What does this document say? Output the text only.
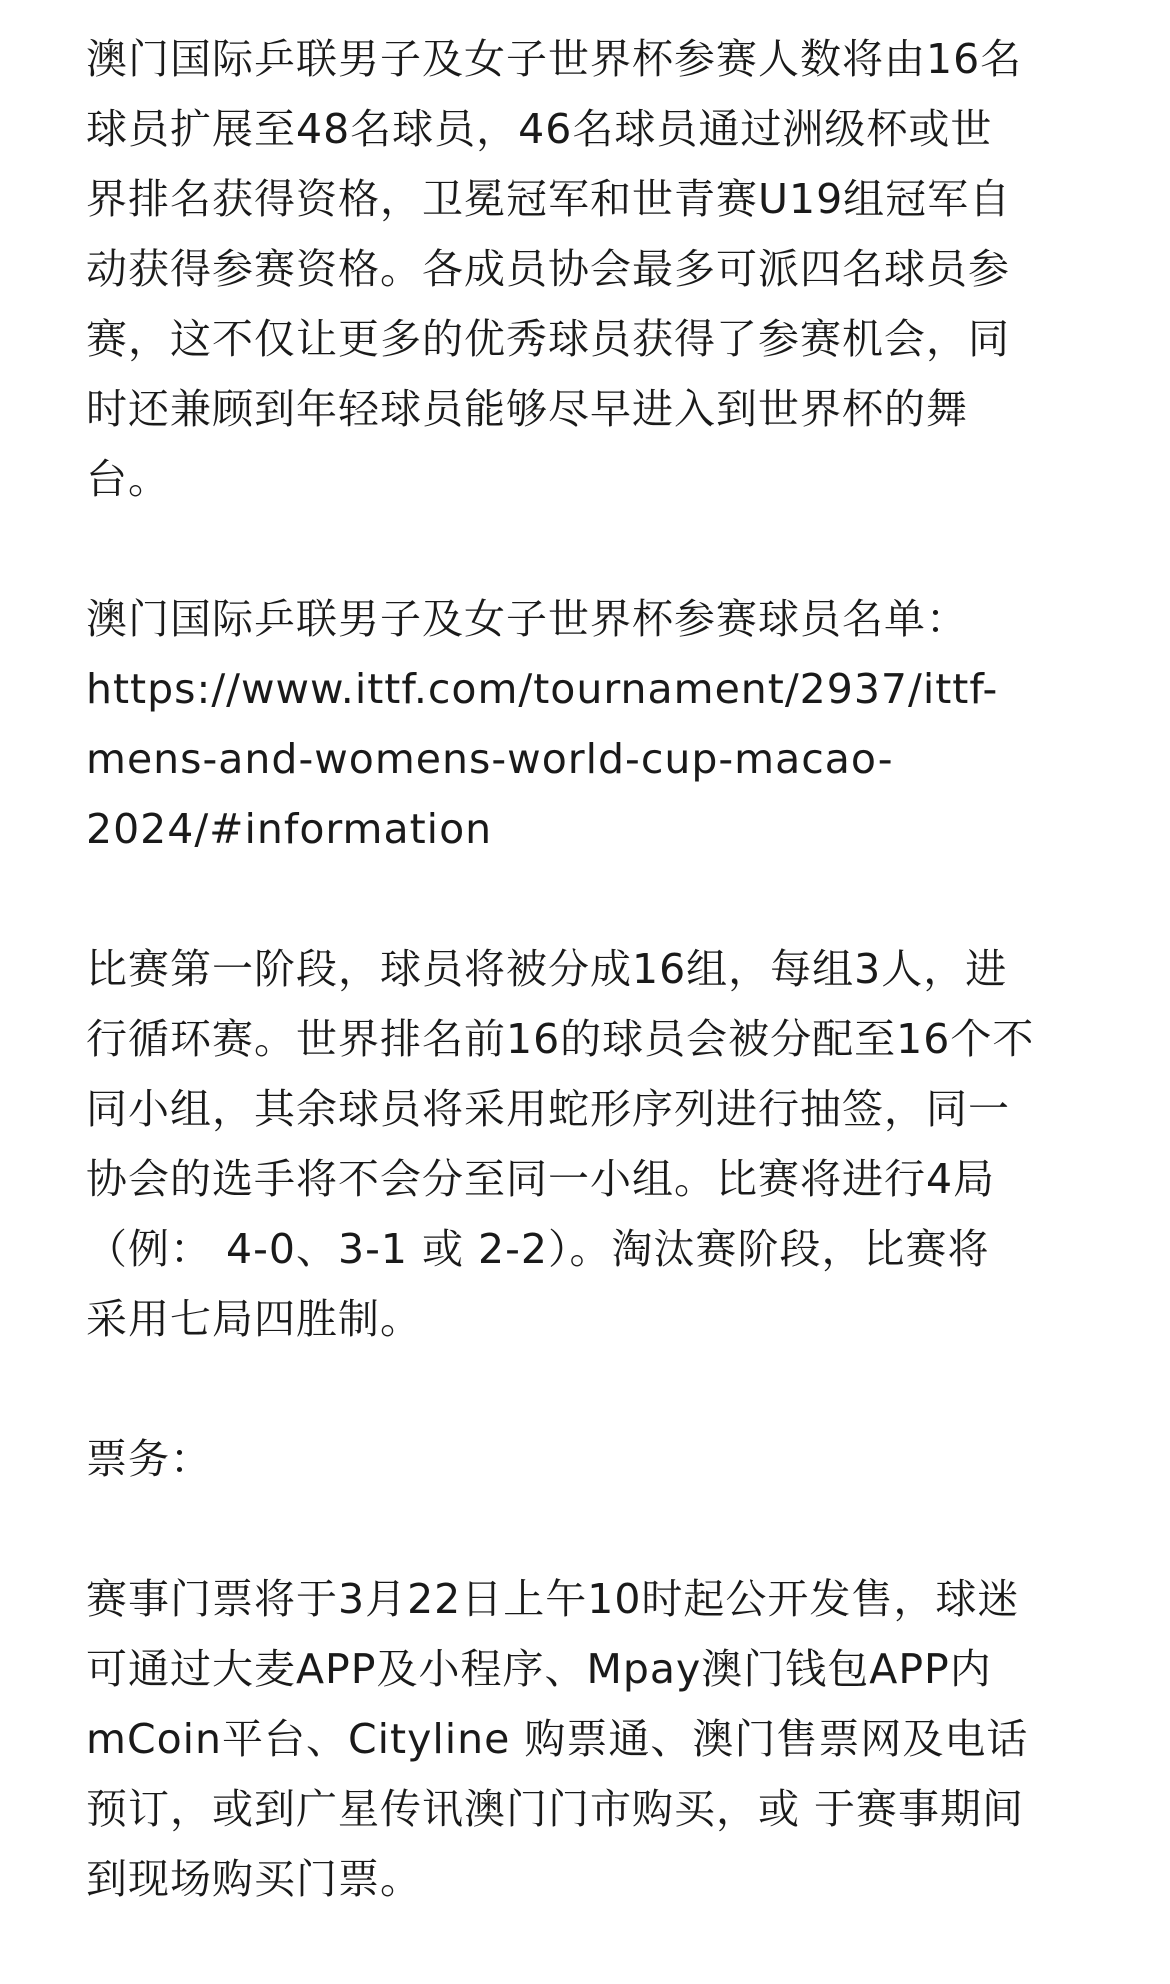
澳门国际乒联男子及女子世界杯参赛人数将由16名
球员扩展至48名球员，46名球员通过洲级杯或世
界排名获得资格，卫冕冠军和世青赛U19组冠军自
动获得参赛资格。各成员协会最多可派四名球员参
赛，这不仅让更多的优秀球员获得了参赛机会，同
时还兼顾到年轻球员能够尽早进入到世界杯的舞
台。

澳门国际乒联男子及女子世界杯参赛球员名单：
https://www.ittf.com/tournament/2937/ittf-
mens-and-womens-world-cup-macao-
2024/#information

比赛第一阶段，球员将被分成16组，每组3人，进
行循环赛。世界排名前16的球员会被分配至16个不
同小组，其余球员将采用蛇形序列进行抽签，同一
协会的选手将不会分至同一小组。比赛将进行4局
（例： 4-0、3-1 或 2-2）。淘汰赛阶段，比赛将
采用七局四胜制。

票务：

赛事门票将于3月22日上午10时起公开发售，球迷
可通过大麦APP及小程序、Mpay澳门钱包APP内
mCoin平台、Cityline 购票通、澳门售票网及电话
预订，或到广星传讯澳门门市购买，或 于赛事期间
到现场购买门票。
